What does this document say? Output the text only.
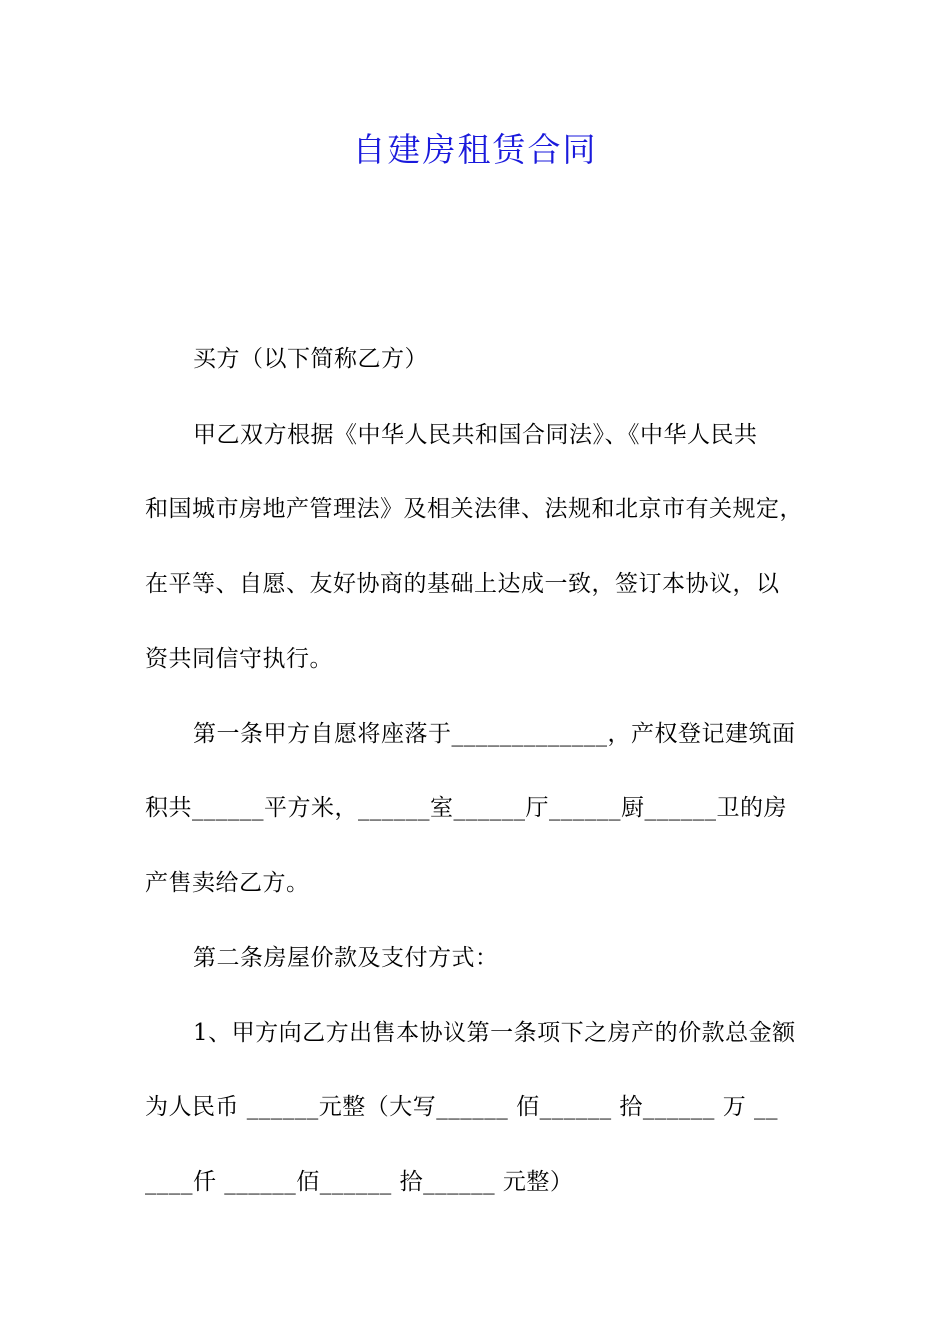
自建房租赁合同
买方（以下简称乙方）
甲乙双方根据《中华人民共和国合同法》、《中华人民共
和国城市房地产管理法》及相关法律、法规和北京市有关规定，
在平等、自愿、友好协商的基础上达成一致，签订本协议，以
资共同信守执行。
第一条甲方自愿将座落于_____________，产权登记建筑面
积共______平方米，______室______厅______厨______卫的房
产售卖给乙方。
第二条房屋价款及支付方式：
1、甲方向乙方出售本协议第一条项下之房产的价款总金额
为人民币 ______元整（大写______ 佰______ 拾______ 万 __
____仟 ______佰______ 拾______ 元整）
